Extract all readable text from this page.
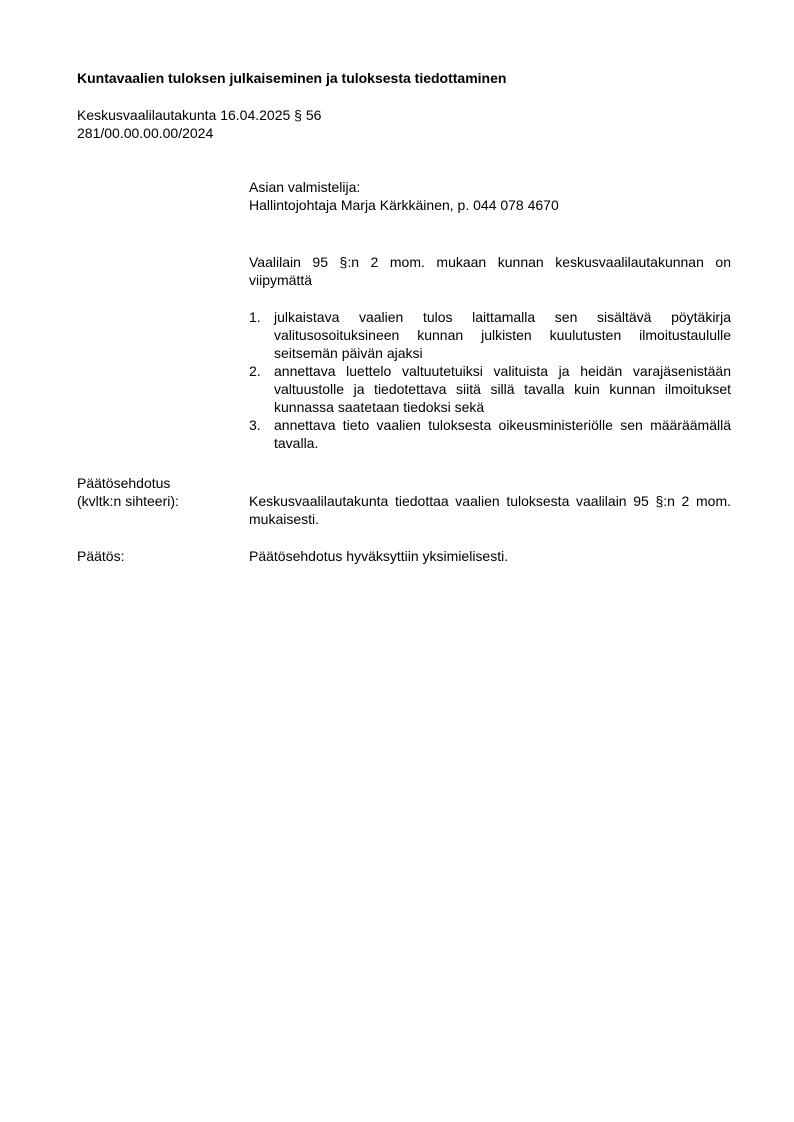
Kuntavaalien tuloksen julkaiseminen ja tuloksesta tiedottaminen
Keskusvaalilautakunta 16.04.2025 § 56
281/00.00.00.00/2024
Asian valmistelija:
Hallintojohtaja Marja Kärkkäinen, p. 044 078 4670
Vaalilain 95 §:n 2 mom. mukaan kunnan keskusvaalilautakunnan on viipymättä
1. julkaistava vaalien tulos laittamalla sen sisältävä pöytäkirja valitusosoituksineen kunnan julkisten kuulutusten ilmoitustaululle seitsemän päivän ajaksi
2. annettava luettelo valtuutetuiksi valituista ja heidän varajäsenistään valtuustolle ja tiedotettava siitä sillä tavalla kuin kunnan ilmoitukset kunnassa saatetaan tiedoksi sekä
3. annettava tieto vaalien tuloksesta oikeusministeriölle sen määräämällä tavalla.
Päätösehdotus
(kvltk:n sihteeri):	Keskusvaalilautakunta tiedottaa vaalien tuloksesta vaalilain 95 §:n 2 mom. mukaisesti.
Päätös:	Päätösehdotus hyväksyttiin yksimielisesti.
